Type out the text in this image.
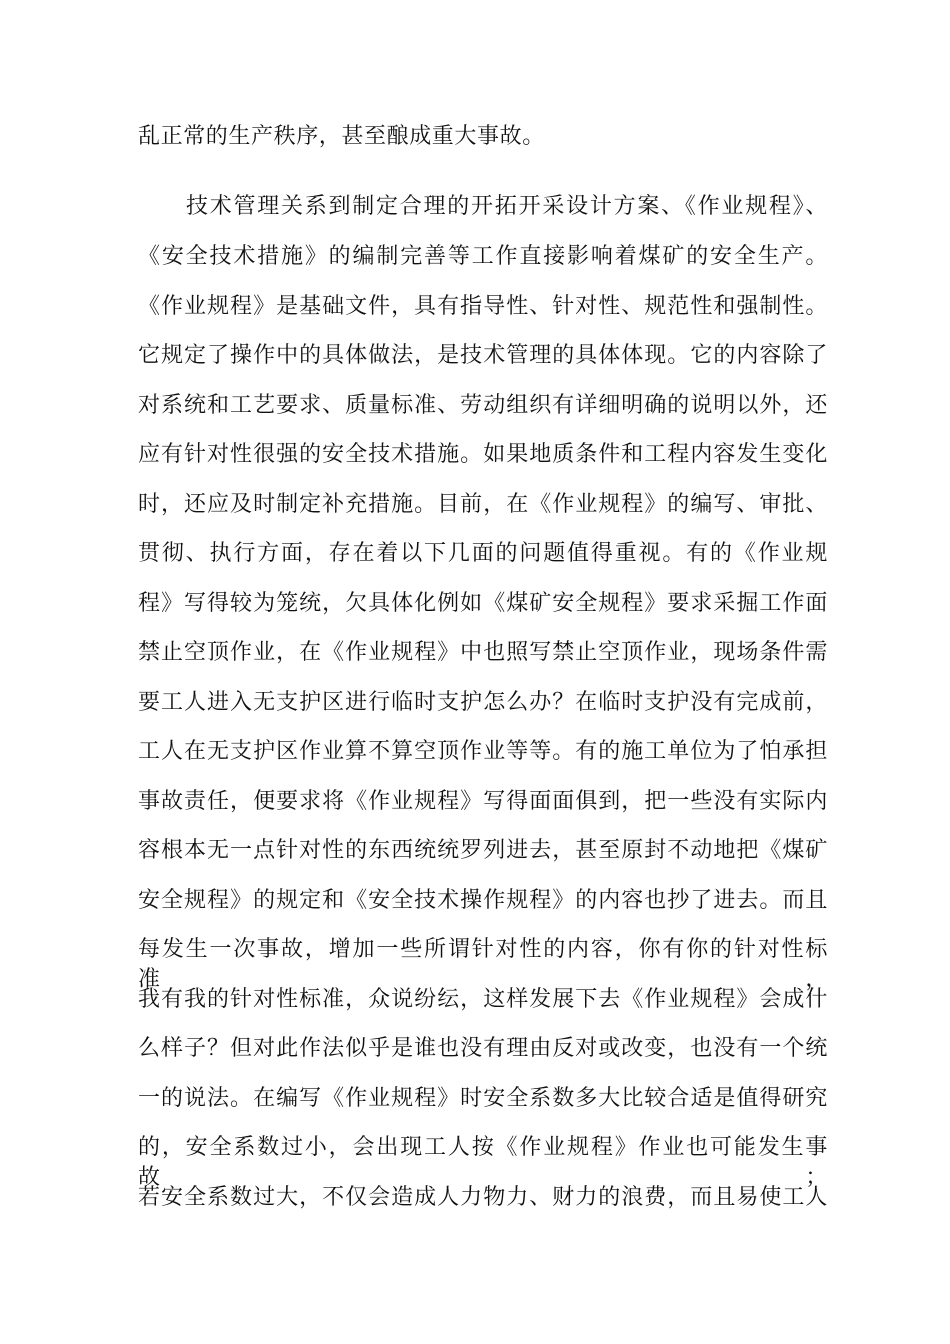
乱正常的生产秩序，甚至酿成重大事故。
技术管理关系到制定合理的开拓开采设计方案、《作业规程》、
《安全技术措施》的编制完善等工作直接影响着煤矿的安全生产。
《作业规程》是基础文件，具有指导性、针对性、规范性和强制性。
它规定了操作中的具体做法，是技术管理的具体体现。它的内容除了
对系统和工艺要求、质量标准、劳动组织有详细明确的说明以外，还
应有针对性很强的安全技术措施。如果地质条件和工程内容发生变化
时，还应及时制定补充措施。目前，在《作业规程》的编写、审批、
贯彻、执行方面，存在着以下几面的问题值得重视。有的《作业规
程》写得较为笼统，欠具体化例如《煤矿安全规程》要求采掘工作面
禁止空顶作业，在《作业规程》中也照写禁止空顶作业，现场条件需
要工人进入无支护区进行临时支护怎么办？在临时支护没有完成前，
工人在无支护区作业算不算空顶作业等等。有的施工单位为了怕承担
事故责任，便要求将《作业规程》写得面面俱到，把一些没有实际内
容根本无一点针对性的东西统统罗列进去，甚至原封不动地把《煤矿
安全规程》的规定和《安全技术操作规程》的内容也抄了进去。而且
每发生一次事故，增加一些所谓针对性的内容，你有你的针对性标准，
我有我的针对性标准，众说纷纭，这样发展下去《作业规程》会成什
么样子？但对此作法似乎是谁也没有理由反对或改变，也没有一个统
一的说法。在编写《作业规程》时安全系数多大比较合适是值得研究
的，安全系数过小，会出现工人按《作业规程》作业也可能发生事故；
若安全系数过大，不仅会造成人力物力、财力的浪费，而且易使工人
